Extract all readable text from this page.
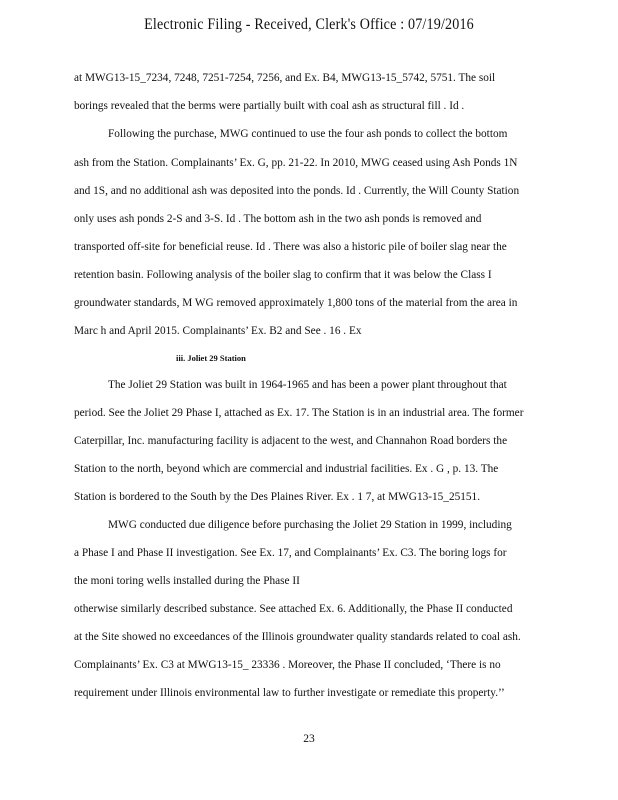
Electronic Filing - Received, Clerk's Office : 07/19/2016
at MWG13-15_7234, 7248, 7251-7254, 7256, and Ex. B4, MWG13-15_5742, 5751. The soil
borings revealed that the berms were partially built with coal ash as structural fill . Id .
Following the purchase, MWG continued to use the four ash ponds to collect the bottom
ash from the Station. Complainants’ Ex. G, pp. 21-22. In 2010, MWG ceased using Ash Ponds 1N
and 1S, and no additional ash was deposited into the ponds. Id . Currently, the Will County Station
only uses ash ponds 2-S and 3-S. Id . The bottom ash in the two ash ponds is removed and
transported off-site for beneficial reuse. Id . There was also a historic pile of boiler slag near the
retention basin. Following analysis of the boiler slag to confirm that it was below the Class I
groundwater standards, M WG removed approximately 1,800 tons of the material from the area in
Marc h and April 2015. Complainants’ Ex. B2 and See . 16 . Ex
iii. Joliet 29 Station
The Joliet 29 Station was built in 1964-1965 and has been a power plant throughout that
period. See the Joliet 29 Phase I, attached as Ex. 17. The Station is in an industrial area. The former
Caterpillar, Inc. manufacturing facility is adjacent to the west, and Channahon Road borders the
Station to the north, beyond which are commercial and industrial facilities. Ex . G , p. 13. The
Station is bordered to the South by the Des Plaines River. Ex . 1 7, at MWG13-15_25151.
MWG conducted due diligence before purchasing the Joliet 29 Station in 1999, including
a Phase I and Phase II investigation. See Ex. 17, and Complainants’ Ex. C3. The boring logs for
the moni toring wells installed during the Phase II
otherwise similarly described substance. See attached Ex. 6. Additionally, the Phase II conducted
at the Site showed no exceedances of the Illinois groundwater quality standards related to coal ash.
Complainants’ Ex. C3 at MWG13-15_ 23336 . Moreover, the Phase II concluded, ‘There is no
requirement under Illinois environmental law to further investigate or remediate this property.’’
23
